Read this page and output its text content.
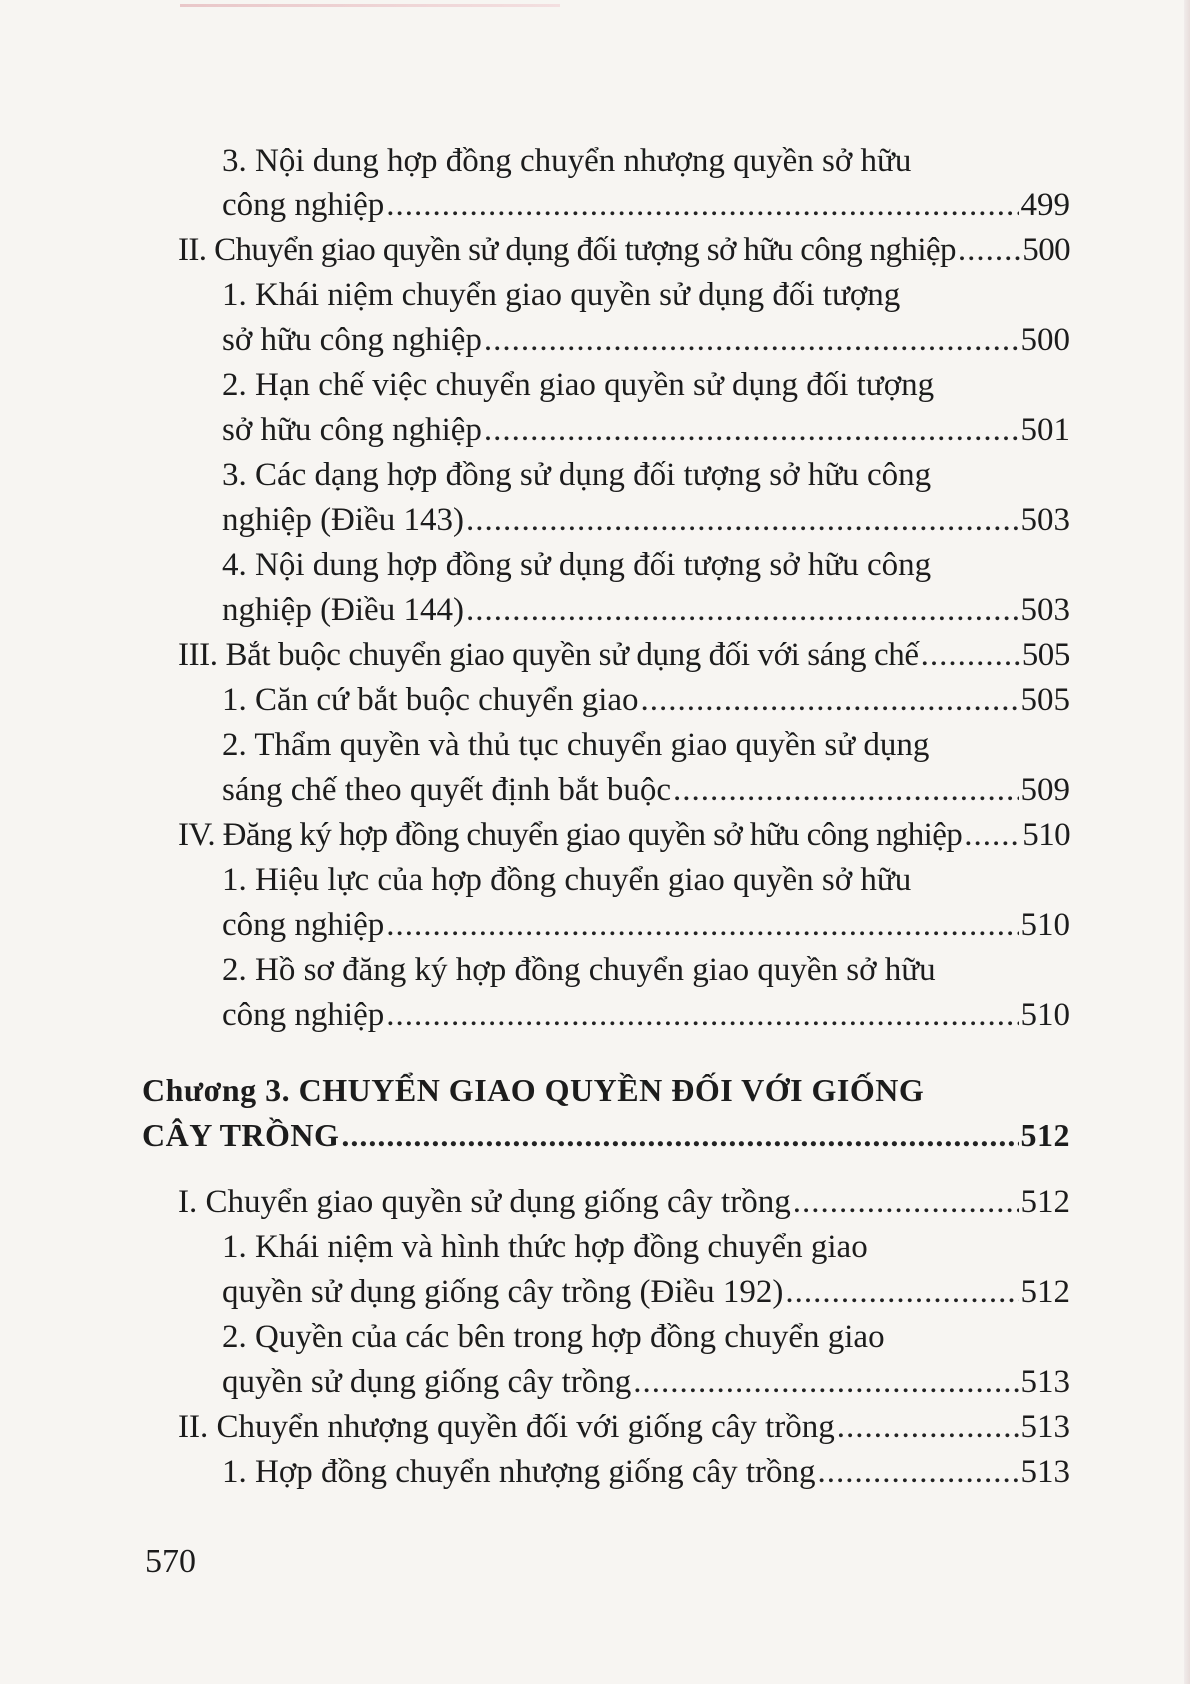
3. Nội dung hợp đồng chuyển nhượng quyền sở hữu
công nghiệp .....	499
II. Chuyển giao quyền sử dụng đối tượng sở hữu công nghiệp ..... 500
1. Khái niệm chuyển giao quyền sử dụng đối tượng
sở hữu công nghiệp .....	500
2. Hạn chế việc chuyển giao quyền sử dụng đối tượng
sở hữu công nghiệp .....	501
3. Các dạng hợp đồng sử dụng đối tượng sở hữu công
nghiệp (Điều 143) .....	503
4. Nội dung hợp đồng sử dụng đối tượng sở hữu công
nghiệp (Điều 144) .....	503
III. Bắt buộc chuyển giao quyền sử dụng đối với sáng chế .....	505
1. Căn cứ bắt buộc chuyển giao .....	505
2. Thẩm quyền và thủ tục chuyển giao quyền sử dụng
sáng chế theo quyết định bắt buộc .....	509
IV. Đăng ký hợp đồng chuyển giao quyền sở hữu công nghiệp ..... 510
1. Hiệu lực của hợp đồng chuyển giao quyền sở hữu
công nghiệp .....	510
2. Hồ sơ đăng ký hợp đồng chuyển giao quyền sở hữu
công nghiệp .....	510
Chương 3. CHUYỂN GIAO QUYỀN ĐỐI VỚI GIỐNG
CÂY TRỒNG .....	512
I. Chuyển giao quyền sử dụng giống cây trồng .....	512
1. Khái niệm và hình thức hợp đồng chuyển giao
quyền sử dụng giống cây trồng (Điều 192) .....	512
2. Quyền của các bên trong hợp đồng chuyển giao
quyền sử dụng giống cây trồng .....	513
II. Chuyển nhượng quyền đối với giống cây trồng .....	513
1. Hợp đồng chuyển nhượng giống cây trồng .....	513
570
